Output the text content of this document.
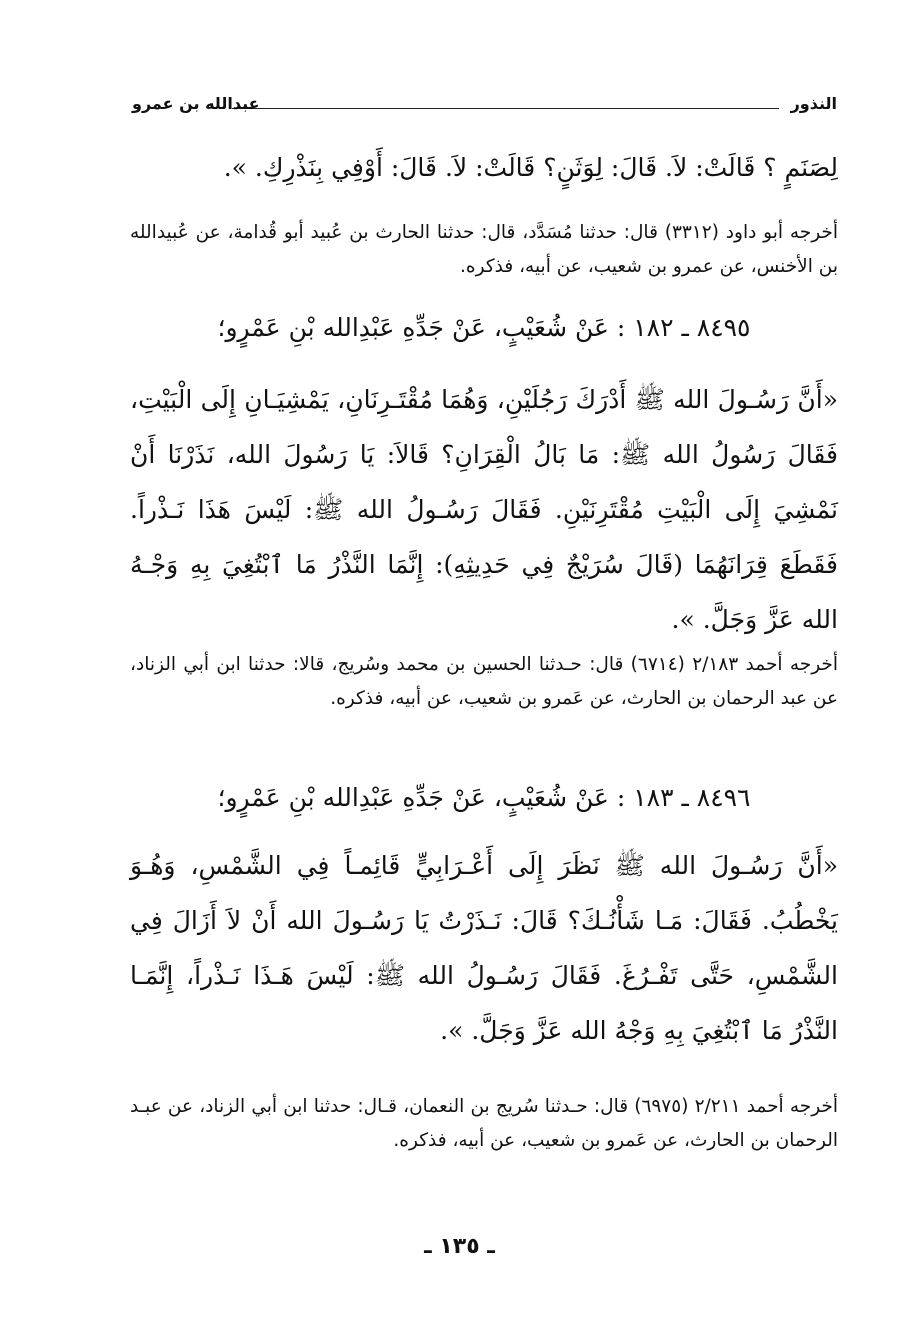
النذور
عبدالله بن عمرو
لِصَنَمٍ ؟ قَالَتْ: لاَ. قَالَ: لِوَثَنٍ؟ قَالَتْ: لاَ. قَالَ: أَوْفِي بِنَذْرِكِ. ».
أخرجه أبو داود (٣٣١٢) قال: حدثنا مُسَدَّد، قال: حدثنا الحارث بن عُبيد أبو قُدامة، عن عُبيدالله بن الأخنس، عن عمرو بن شعيب، عن أبيه، فذكره.
٨٤٩٥ ـ ١٨٢ : عَنْ شُعَيْبٍ، عَنْ جَدِّهِ عَبْدِالله بْنِ عَمْرٍو؛
«أَنَّ رَسُـولَ الله ﷺ أَدْرَكَ رَجُلَيْنِ، وَهُمَا مُقْتَـرِنَانِ، يَمْشِيَـانِ إِلَى الْبَيْتِ، فَقَالَ رَسُولُ الله ﷺ: مَا بَالُ الْقِرَانِ؟ قَالاَ: يَا رَسُولَ الله، نَذَرْنَا أَنْ نَمْشِيَ إِلَى الْبَيْتِ مُقْتَرِنَيْنِ. فَقَالَ رَسُـولُ الله ﷺ: لَيْسَ هَذَا نَـذْراً. فَقَطَعَ قِرَانَهُمَا (قَالَ سُرَيْجٌ فِي حَدِيثِهِ): إِنَّمَا النَّذْرُ مَا ٱبْتُغِيَ بِهِ وَجْـهُ الله عَزَّ وَجَلَّ. ».
أخرجه أحمد ٢/١٨٣ (٦٧١٤) قال: حـدثنا الحسين بن محمد وسُريج، قالا: حدثنا ابن أبي الزناد، عن عبد الرحمان بن الحارث، عن عَمرو بن شعيب، عن أبيه، فذكره.
٨٤٩٦ ـ ١٨٣ : عَنْ شُعَيْبٍ، عَنْ جَدِّهِ عَبْدِالله بْنِ عَمْرٍو؛
«أَنَّ رَسُـولَ الله ﷺ نَظَرَ إِلَى أَعْـرَابِيٍّ قَائِمـاً فِي الشَّمْسِ، وَهُـوَ يَخْطُبُ. فَقَالَ: مَـا شَأْنُـكَ؟ قَالَ: نَـذَرْتُ يَا رَسُـولَ الله أَنْ لاَ أَزَالَ فِي الشَّمْسِ، حَتَّى تَفْـرُغَ. فَقَالَ رَسُـولُ الله ﷺ: لَيْسَ هَـذَا نَـذْراً، إِنَّمَـا النَّذْرُ مَا ٱبْتُغِيَ بِهِ وَجْهُ الله عَزَّ وَجَلَّ. ».
أخرجه أحمد ٢/٢١١ (٦٩٧٥) قال: حـدثنا سُريج بن النعمان، قـال: حدثنا ابن أبي الزناد، عن عبـد الرحمان بن الحارث، عن عَمرو بن شعيب، عن أبيه، فذكره.
ـ ١٣٥ ـ
